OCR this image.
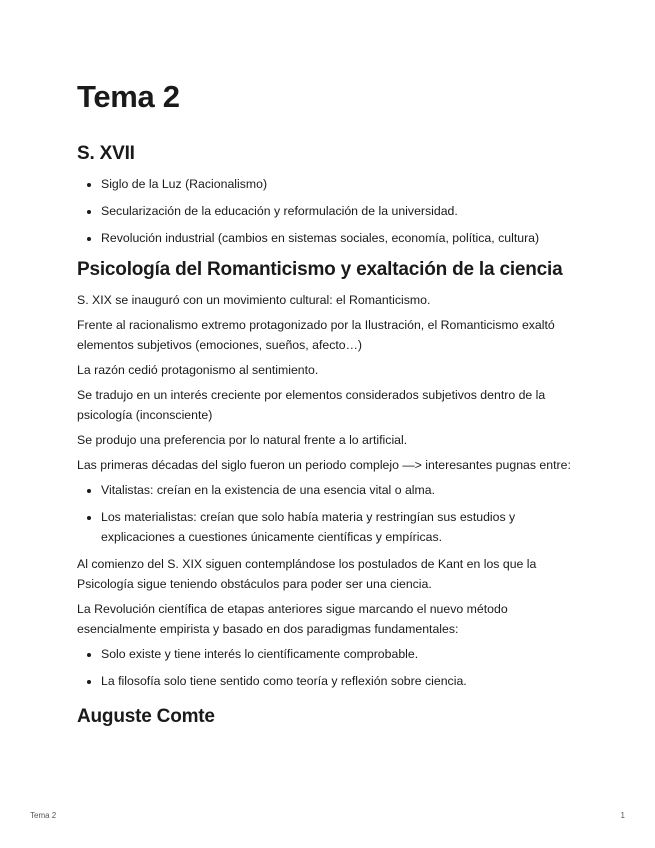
Tema 2
S. XVII
• Siglo de la Luz (Racionalismo)
• Secularización de la educación y reformulación de la universidad.
• Revolución industrial (cambios en sistemas sociales, economía, política, cultura)
Psicología del Romanticismo y exaltación de la ciencia

S. XIX se inauguró con un movimiento cultural: el Romanticismo.

Frente al racionalismo extremo protagonizado por la Ilustración, el Romanticismo exaltó elementos subjetivos (emociones, sueños, afecto…)

La razón cedió protagonismo al sentimiento.

Se tradujo en un interés creciente por elementos considerados subjetivos dentro de la psicología (inconsciente)

Se produjo una preferencia por lo natural frente a lo artificial.

Las primeras décadas del siglo fueron un periodo complejo —> interesantes pugnas entre:

• Vitalistas: creían en la existencia de una esencia vital o alma.
• Los materialistas: creían que solo había materia y restringían sus estudios y explicaciones a cuestiones únicamente científicas y empíricas.

Al comienzo del S. XIX siguen contemplándose los postulados de Kant en los que la Psicología sigue teniendo obstáculos para poder ser una ciencia.

La Revolución científica de etapas anteriores sigue marcando el nuevo método esencialmente empirista y basado en dos paradigmas fundamentales:

• Solo existe y tiene interés lo científicamente comprobable.
• La filosofía solo tiene sentido como teoría y reflexión sobre ciencia.
Auguste Comte
Tema 2	1
